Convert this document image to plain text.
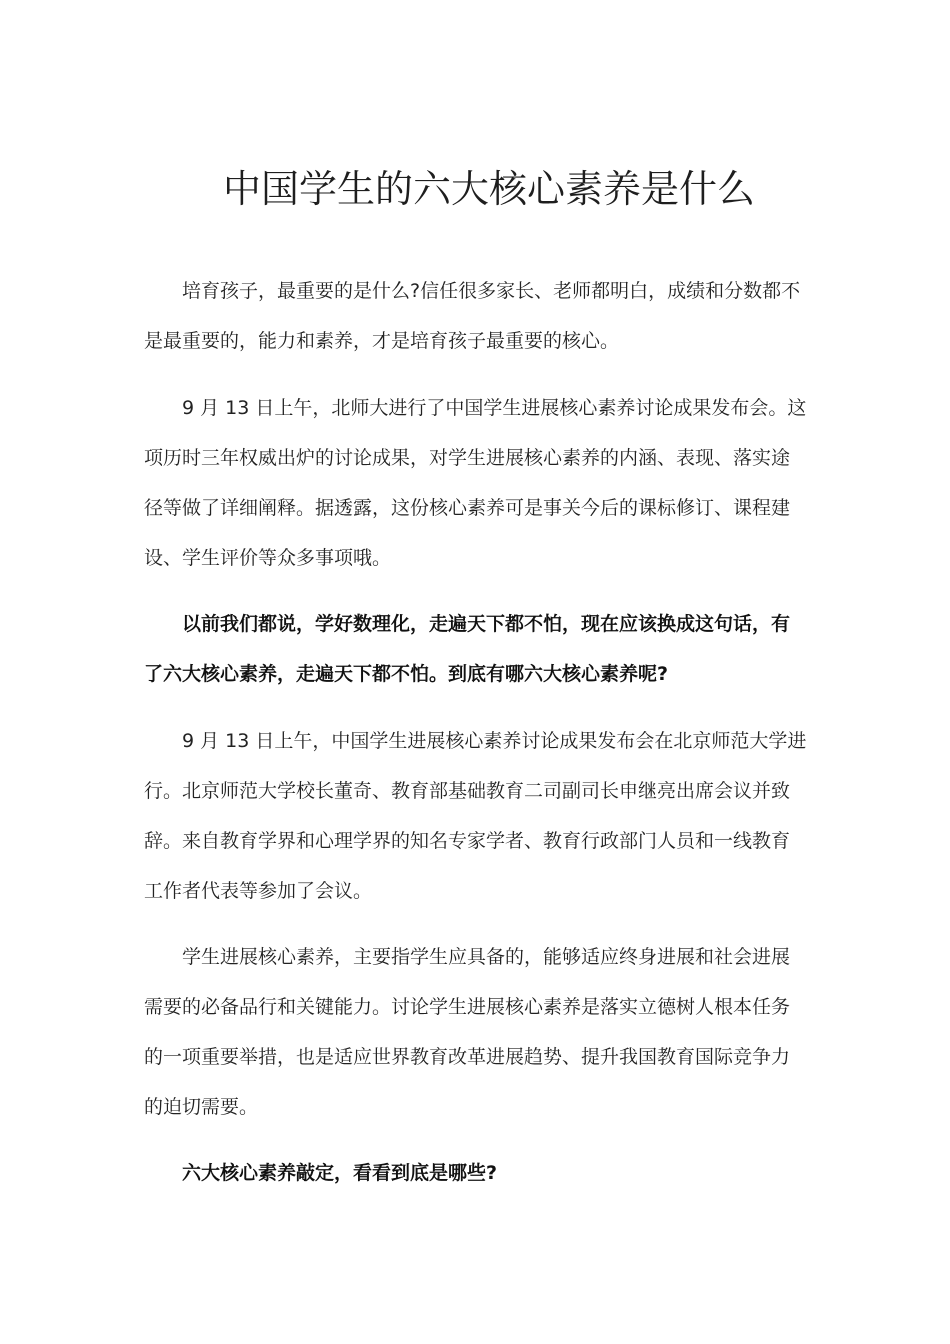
中国学生的六大核心素养是什么
培育孩子，最重要的是什么?信任很多家长、老师都明白，成绩和分数都不
是最重要的，能力和素养，才是培育孩子最重要的核心。
9 月 13 日上午，北师大进行了中国学生进展核心素养讨论成果发布会。这
项历时三年权威出炉的讨论成果，对学生进展核心素养的内涵、表现、落实途
径等做了详细阐释。据透露，这份核心素养可是事关今后的课标修订、课程建
设、学生评价等众多事项哦。
以前我们都说，学好数理化，走遍天下都不怕，现在应该换成这句话，有
了六大核心素养，走遍天下都不怕。到底有哪六大核心素养呢?
9 月 13 日上午，中国学生进展核心素养讨论成果发布会在北京师范大学进
行。北京师范大学校长董奇、教育部基础教育二司副司长申继亮出席会议并致
辞。来自教育学界和心理学界的知名专家学者、教育行政部门人员和一线教育
工作者代表等参加了会议。
学生进展核心素养，主要指学生应具备的，能够适应终身进展和社会进展
需要的必备品行和关键能力。讨论学生进展核心素养是落实立德树人根本任务
的一项重要举措，也是适应世界教育改革进展趋势、提升我国教育国际竞争力
的迫切需要。
六大核心素养敲定，看看到底是哪些?
